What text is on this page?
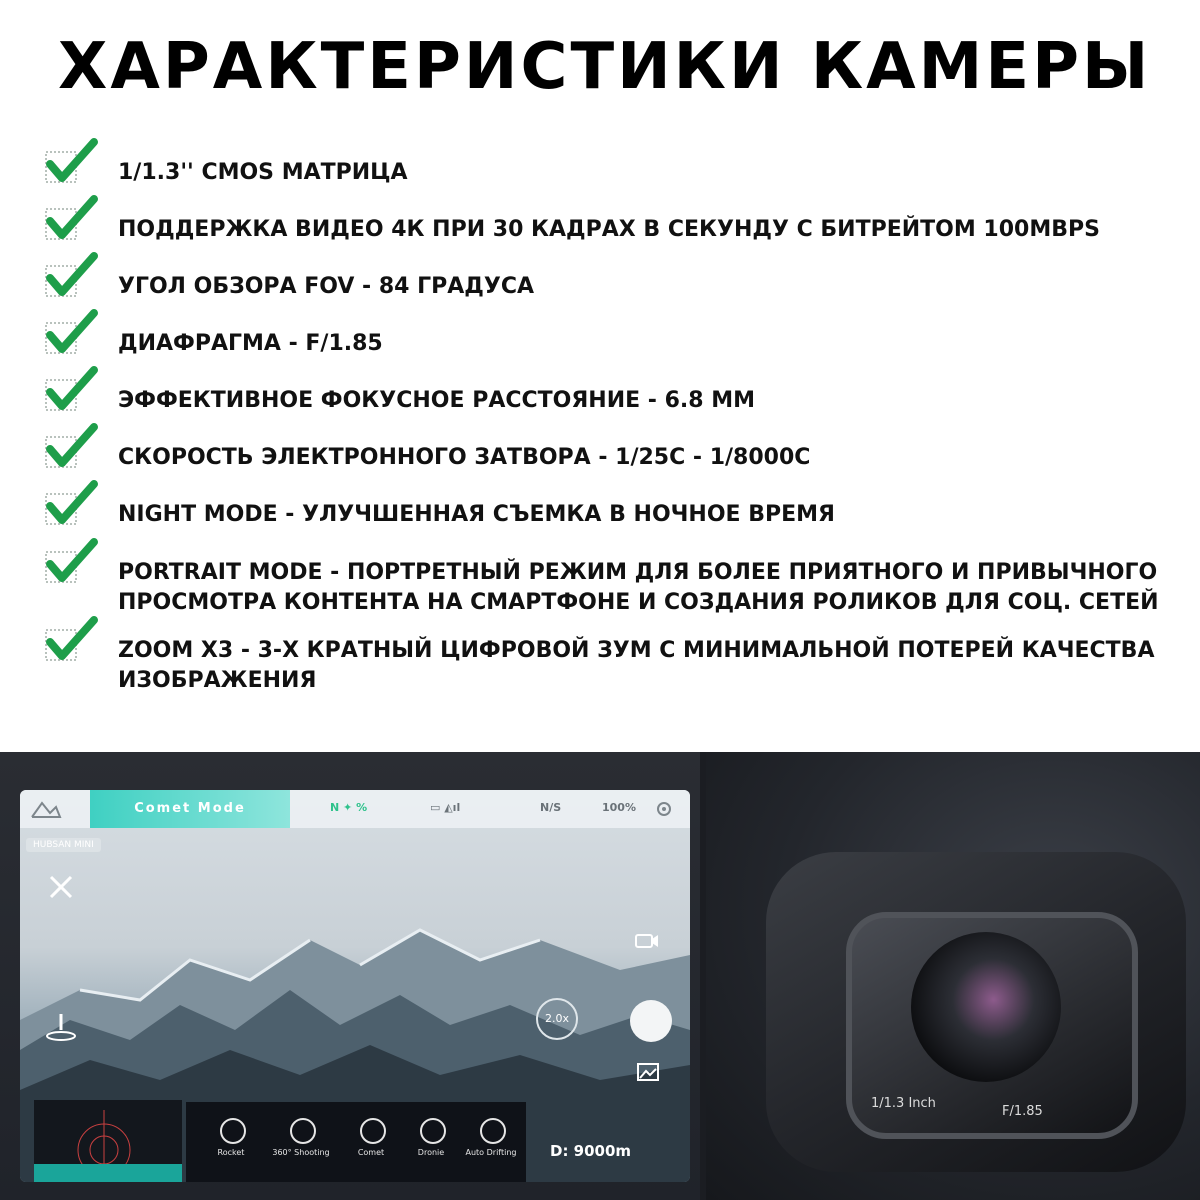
ХАРАКТЕРИСТИКИ КАМЕРЫ
1/1.3'' CMOS МАТРИЦА
ПОДДЕРЖКА ВИДЕО 4К ПРИ 30 КАДРАХ В СЕКУНДУ С БИТРЕЙТОМ 100MBPS
УГОЛ ОБЗОРА FOV - 84 ГРАДУСА
ДИАФРАГМА - F/1.85
ЭФФЕКТИВНОЕ ФОКУСНОЕ РАССТОЯНИЕ - 6.8 ММ
СКОРОСТЬ ЭЛЕКТРОННОГО ЗАТВОРА - 1/25С - 1/8000С
NIGHT MODE - УЛУЧШЕННАЯ СЪЕМКА В НОЧНОЕ ВРЕМЯ
PORTRAIT MODE - ПОРТРЕТНЫЙ РЕЖИМ ДЛЯ БОЛЕЕ ПРИЯТНОГО И ПРИВЫЧНОГО
ПРОСМОТРА КОНТЕНТА НА СМАРТФОНЕ И СОЗДАНИЯ РОЛИКОВ ДЛЯ СОЦ. СЕТЕЙ
ZOOM X3 - 3-Х КРАТНЫЙ ЦИФРОВОЙ ЗУМ С МИНИМАЛЬНОЙ ПОТЕРЕЙ КАЧЕСТВА
ИЗОБРАЖЕНИЯ
Comet Mode	N ✦ %	▭ ◭ıl	N/S	100%
HUBSAN MINI
2.0x
Rocket	360° Shooting	Comet	Dronie	Auto Drifting	D: 9000m
1/1.3 Inch
F/1.85
